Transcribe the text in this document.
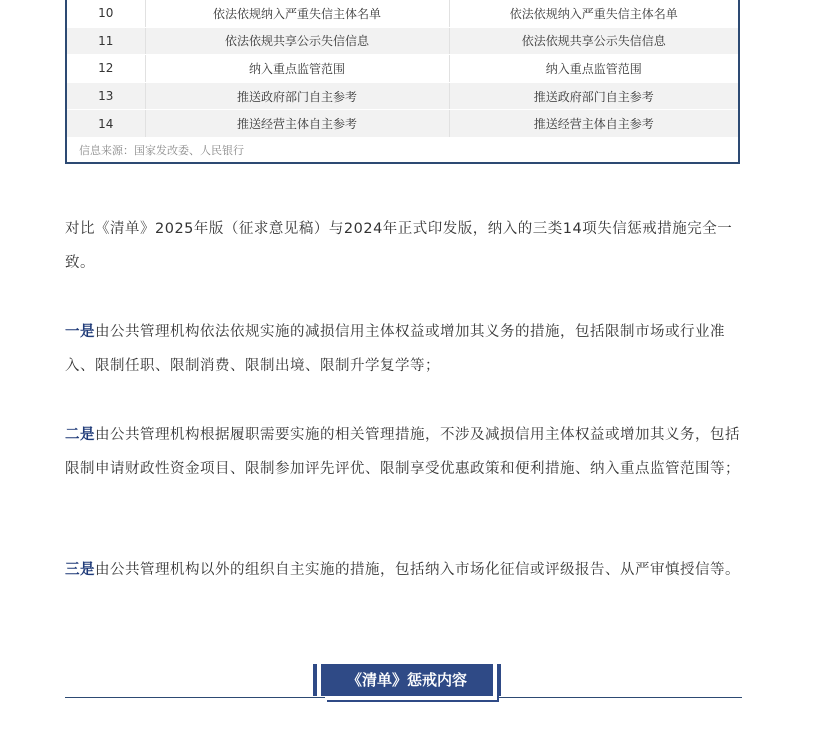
10	依法依规纳入严重失信主体名单	依法依规纳入严重失信主体名单
11	依法依规共享公示失信信息	依法依规共享公示失信信息
12	纳入重点监管范围	纳入重点监管范围
13	推送政府部门自主参考	推送政府部门自主参考
14	推送经营主体自主参考	推送经营主体自主参考
信息来源：国家发改委、人民银行

对比《清单》2025年版（征求意见稿）与2024年正式印发版，纳入的三类14项失信惩戒措施完全一致。

一是由公共管理机构依法依规实施的减损信用主体权益或增加其义务的措施，包括限制市场或行业准入、限制任职、限制消费、限制出境、限制升学复学等；

二是由公共管理机构根据履职需要实施的相关管理措施，不涉及减损信用主体权益或增加其义务，包括限制申请财政性资金项目、限制参加评先评优、限制享受优惠政策和便利措施、纳入重点监管范围等；

三是由公共管理机构以外的组织自主实施的措施，包括纳入市场化征信或评级报告、从严审慎授信等。

《清单》惩戒内容
